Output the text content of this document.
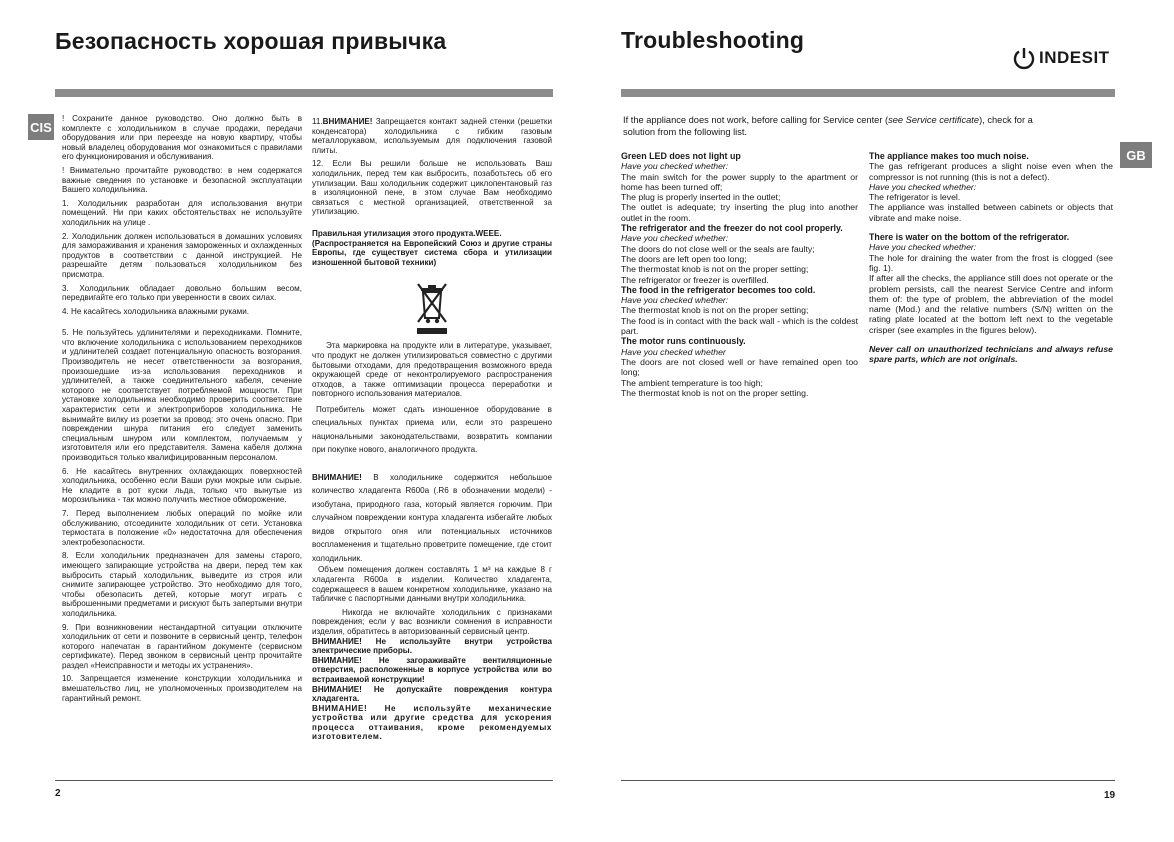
Безопасность хорошая привычка
CIS

! Сохраните данное руководство. Оно должно быть в комплекте с холодильником в случае продажи, передачи оборудования или при переезде на новую квартиру, чтобы новый владелец оборудования мог ознакомиться с правилами его функционирования и обслуживания.

! Внимательно прочитайте руководство: в нем содержатся важные сведения по установке и безопасной эксплуатации Вашего холодильника.

1. Холодильник разработан для использования внутри помещений. Ни при каких обстоятельствах не используйте холодильник на улице .

2. Холодильник должен использоваться в домашних условиях для замораживания и хранения замороженных и охлажденных продуктов в соответствии с данной инструкцией. Не разрешайте детям пользоваться холодильником без присмотра.

3. Холодильник обладает довольно большим весом, передвигайте его только при уверенности в своих силах.

4. Не касайтесь холодильника влажными руками.

5. Не пользуйтесь удлинителями и переходниками. Помните, что включение холодильника с использованием переходников и удлинителей создает потенциальную опасность возгорания. Производитель не несет ответственности за возгорания, произошедшие из-за использования переходников и удлинителей, а также соединительного кабеля, сечение которого не соответствует потребляемой мощности. При установке холодильника необходимо проверить соответствие характеристик сети и электроприборов холодильника. Не вынимайте вилку из розетки за провод: это очень опасно. При повреждении шнура питания его следует заменить специальным шнуром или комплектом, получаемым у изготовителя или его представителя. Замена кабеля должна производиться только квалифицированным персоналом.

6. Не касайтесь внутренних охлаждающих поверхностей холодильника, особенно если Ваши руки мокрые или сырые. Не кладите в рот куски льда, только что вынутые из морозильника - так можно получить местное обморожение.

7. Перед выполнением любых операций по мойке или обслуживанию, отсоедините холодильник от сети. Установка термостата в положение «0» недостаточна для обеспечения электробезопасности.

8. Если холодильник предназначен для замены старого, имеющего запирающие устройства на двери, перед тем как выбросить старый холодильник, выведите из строя или снимите запирающее устройство. Это необходимо для того, чтобы обезопасить детей, которые могут играть с выброшенными предметами и рискуют быть запертыми внутри холодильника.

9. При возникновении нестандартной ситуации отключите холодильник от сети и позвоните в сервисный центр, телефон которого напечатан в гарантийном документе (сервисном сертификате). Перед звонком в сервисный центр прочитайте раздел «Неисправности и методы их устранения».

10. Запрещается изменение конструкции холодильника и вмешательство лиц, не уполномоченных производителем на гарантийный ремонт.

11.ВНИМАНИЕ! Запрещается контакт задней стенки (решетки конденсатора) холодильника с гибким газовым металлорукавом, используемым для подключения газовой плиты.

12. Если Вы решили больше не использовать Ваш холодильник, перед тем как выбросить, позаботьтесь об его утилизации. Ваш холодильник содержит циклопентановый газ в изоляционной пене, в этом случае Вам необходимо связаться с местной организацией, ответственной за утилизацию.

Правильная утилизация этого продукта.WEEE.

(Распространяется на Европейский Союз и другие страны Европы, где существует система сбора и утилизации изношенной бытовой техники)

Эта маркировка на продукте или в литературе, указывает, что продукт не должен утилизироваться совместно с другими бытовыми отходами, для предотвращения возможного вреда окружающей среде от неконтролируемого распространения отходов, а также оптимизации процесса переработки и повторного использования материалов.

Потребитель может сдать изношенное оборудование в специальных пунктах приема или, если это разрешено национальными законодательствами, возвратить компании при покупке нового, аналогичного продукта.

ВНИМАНИЕ! В холодильнике содержится небольшое количество хладагента R600a (.R6 в обозначении модели) - изобутана, природного газа, который является горючим. При случайном повреждении контура хладагента избегайте любых видов открытого огня или потенциальных источников воспламенения и тщательно проветрите помещение, где стоит холодильник.

Объем помещения должен составлять 1 м³ на каждые 8 г хладагента R600a в изделии. Количество хладагента, содержащееся в вашем конкретном холодильнике, указано на табличке с паспортными данными внутри холодильника.

Никогда не включайте холодильник с признаками повреждения; если у вас возникли сомнения в исправности изделия, обратитесь в авторизованный сервисный центр.

ВНИМАНИЕ! Не используйте внутри устройства электрические приборы.

ВНИМАНИЕ! Не загораживайте вентиляционные отверстия, расположенные в корпусе устройства или во встраиваемой конструкции!

ВНИМАНИЕ! Не допускайте повреждения контура хладагента.

ВНИМАНИЕ! Не используйте механические устройства или другие средства для ускорения процесса оттаивания, кроме рекомендуемых изготовителем.

2
Troubleshooting
INDESIT
GB
If the appliance does not work, before calling for Service center (see Service certificate), check for a solution from the following list.

Green LED does not light up

Have you checked whether:

The main switch for the power supply to the apartment or home has been turned off;

The plug is properly inserted in the outlet;

The outlet is adequate; try inserting the plug into another outlet in the room.

The refrigerator and the freezer do not cool properly.

Have you checked whether:

The doors do not close well or the seals are faulty;

The doors are left open too long;

The thermostat knob is not on the proper setting;

The refrigerator or freezer is overfilled.

The food in the refrigerator becomes too cold.

Have you checked whether:

The thermostat knob is not on the proper setting;

The food is in contact with the back wall - which is the coldest part.

The motor runs continuously.

Have you checked whether

The doors are not closed well or have remained open too long;

The ambient temperature is too high;

The thermostat knob is not on the proper setting.

The appliance makes too much noise.

The gas refrigerant produces a slight noise even when the compressor is not running (this is not a defect).

Have you checked whether:

The refrigerator is level.

The appliance was installed between cabinets or objects that vibrate and make noise.

There is water on the bottom of the refrigerator.

Have you checked whether:

The hole for draining the water from the frost is clogged (see fig. 1).

If after all the checks, the appliance still does not operate or the problem persists, call the nearest Service Centre and inform them of: the type of problem, the abbreviation of the model name (Mod.) and the relative numbers (S/N) written on the rating plate located at the bottom left next to the vegetable crisper (see examples in the figures below).

Never call on unauthorized technicians and always refuse spare parts, which are not originals.

19
